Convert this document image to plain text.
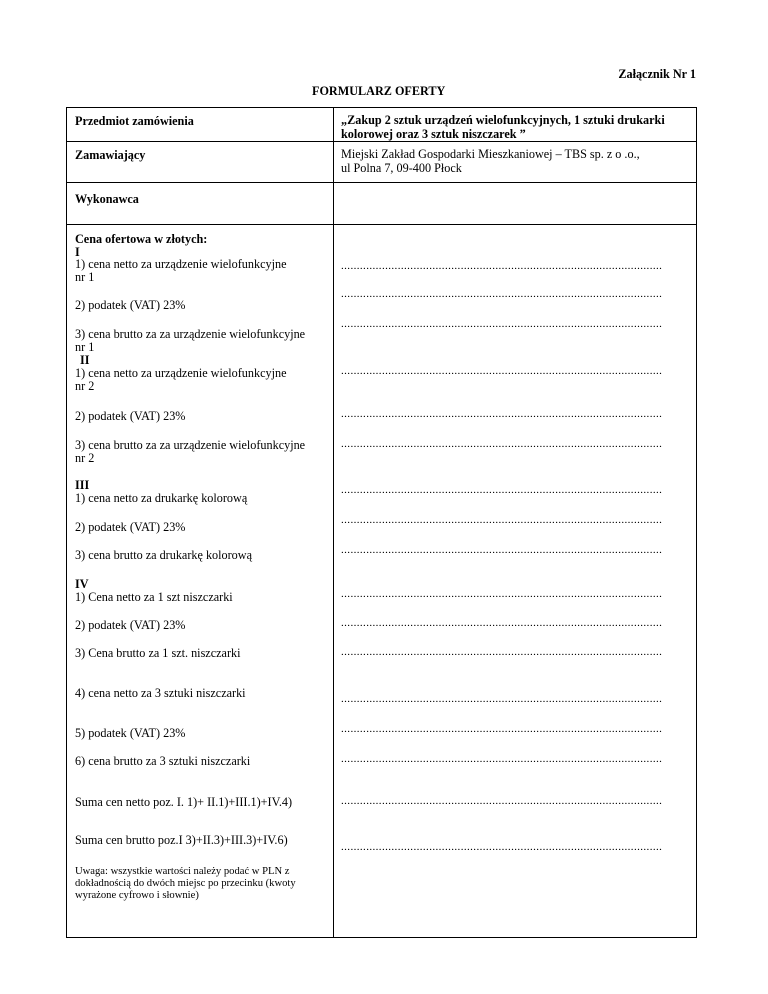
Załącznik Nr 1
FORMULARZ OFERTY
Przedmiot zamówienia	„Zakup 2 sztuk urządzeń wielofunkcyjnych, 1 sztuki drukarki
kolorowej oraz 3 sztuk niszczarek ”
Zamawiający	Miejski Zakład Gospodarki Mieszkaniowej – TBS sp. z o .o.,
ul Polna 7, 09-400 Płock
Wykonawca
Cena ofertowa w złotych:
I
1) cena netto za urządzenie wielofunkcyjne
nr 1
2) podatek (VAT) 23%
3) cena brutto za za urządzenie wielofunkcyjne
nr 1
II
1) cena netto za urządzenie wielofunkcyjne
nr 2
2) podatek (VAT) 23%
3) cena brutto za za urządzenie wielofunkcyjne
nr 2
III
1) cena netto za drukarkę kolorową
2) podatek (VAT) 23%
3) cena brutto za drukarkę kolorową
IV
1) Cena netto za 1 szt niszczarki
2) podatek (VAT) 23%
3) Cena brutto za 1 szt. niszczarki
4) cena netto za 3 sztuki niszczarki
5) podatek (VAT) 23%
6) cena brutto za 3 sztuki niszczarki
Suma cen netto poz. I. 1)+ II.1)+III.1)+IV.4)
Suma cen brutto poz.I 3)+II.3)+III.3)+IV.6)
Uwaga: wszystkie wartości należy podać w PLN z
dokładnością do dwóch miejsc po przecinku (kwoty
wyrażone cyfrowo i słownie)
......................................................................................................
......................................................................................................
......................................................................................................
......................................................................................................
......................................................................................................
......................................................................................................
......................................................................................................
......................................................................................................
......................................................................................................
......................................................................................................
......................................................................................................
......................................................................................................
......................................................................................................
......................................................................................................
......................................................................................................
......................................................................................................
......................................................................................................
